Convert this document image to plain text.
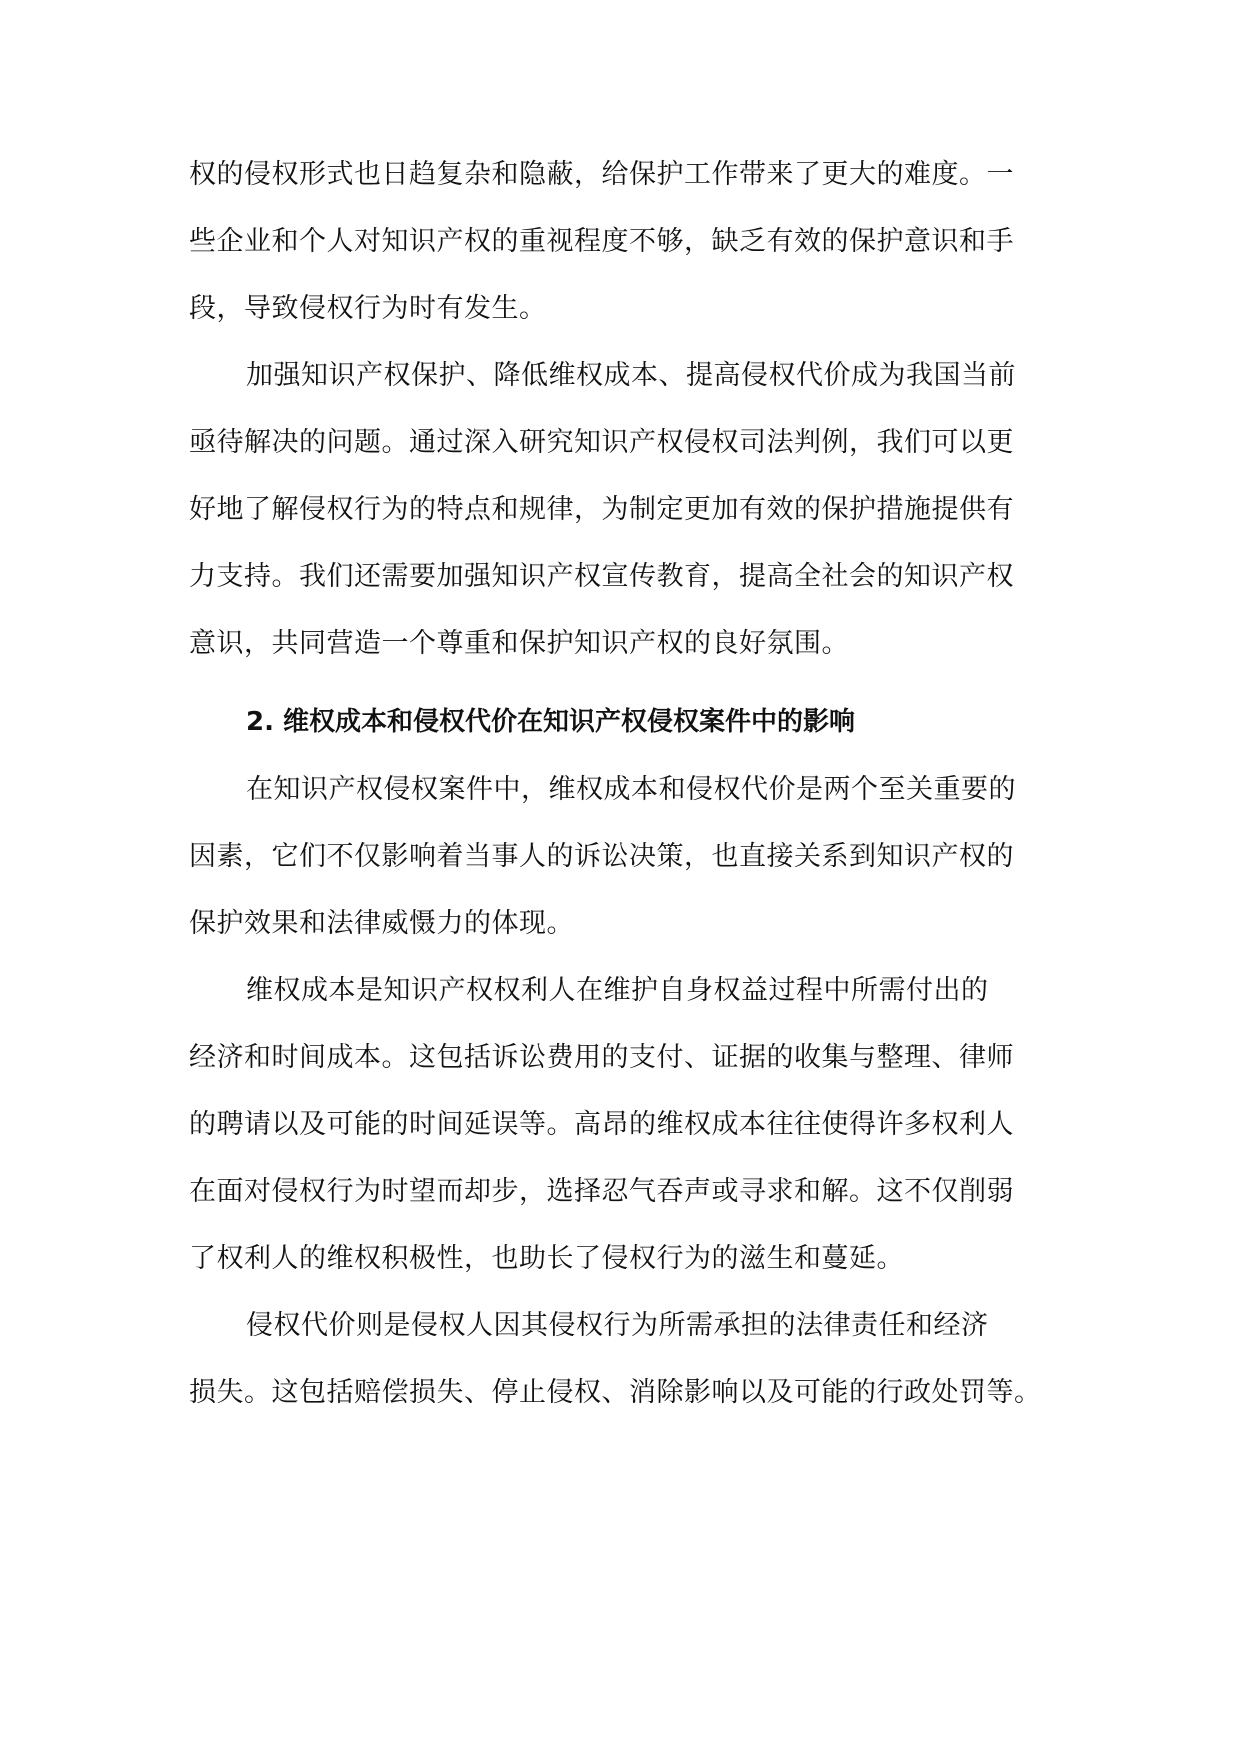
权的侵权形式也日趋复杂和隐蔽，给保护工作带来了更大的难度。一
些企业和个人对知识产权的重视程度不够，缺乏有效的保护意识和手
段，导致侵权行为时有发生。
加强知识产权保护、降低维权成本、提高侵权代价成为我国当前
亟待解决的问题。通过深入研究知识产权侵权司法判例，我们可以更
好地了解侵权行为的特点和规律，为制定更加有效的保护措施提供有
力支持。我们还需要加强知识产权宣传教育，提高全社会的知识产权
意识，共同营造一个尊重和保护知识产权的良好氛围。
2. 维权成本和侵权代价在知识产权侵权案件中的影响
在知识产权侵权案件中，维权成本和侵权代价是两个至关重要的
因素，它们不仅影响着当事人的诉讼决策，也直接关系到知识产权的
保护效果和法律威慑力的体现。
维权成本是知识产权权利人在维护自身权益过程中所需付出的
经济和时间成本。这包括诉讼费用的支付、证据的收集与整理、律师
的聘请以及可能的时间延误等。高昂的维权成本往往使得许多权利人
在面对侵权行为时望而却步，选择忍气吞声或寻求和解。这不仅削弱
了权利人的维权积极性，也助长了侵权行为的滋生和蔓延。
侵权代价则是侵权人因其侵权行为所需承担的法律责任和经济
损失。这包括赔偿损失、停止侵权、消除影响以及可能的行政处罚等。
